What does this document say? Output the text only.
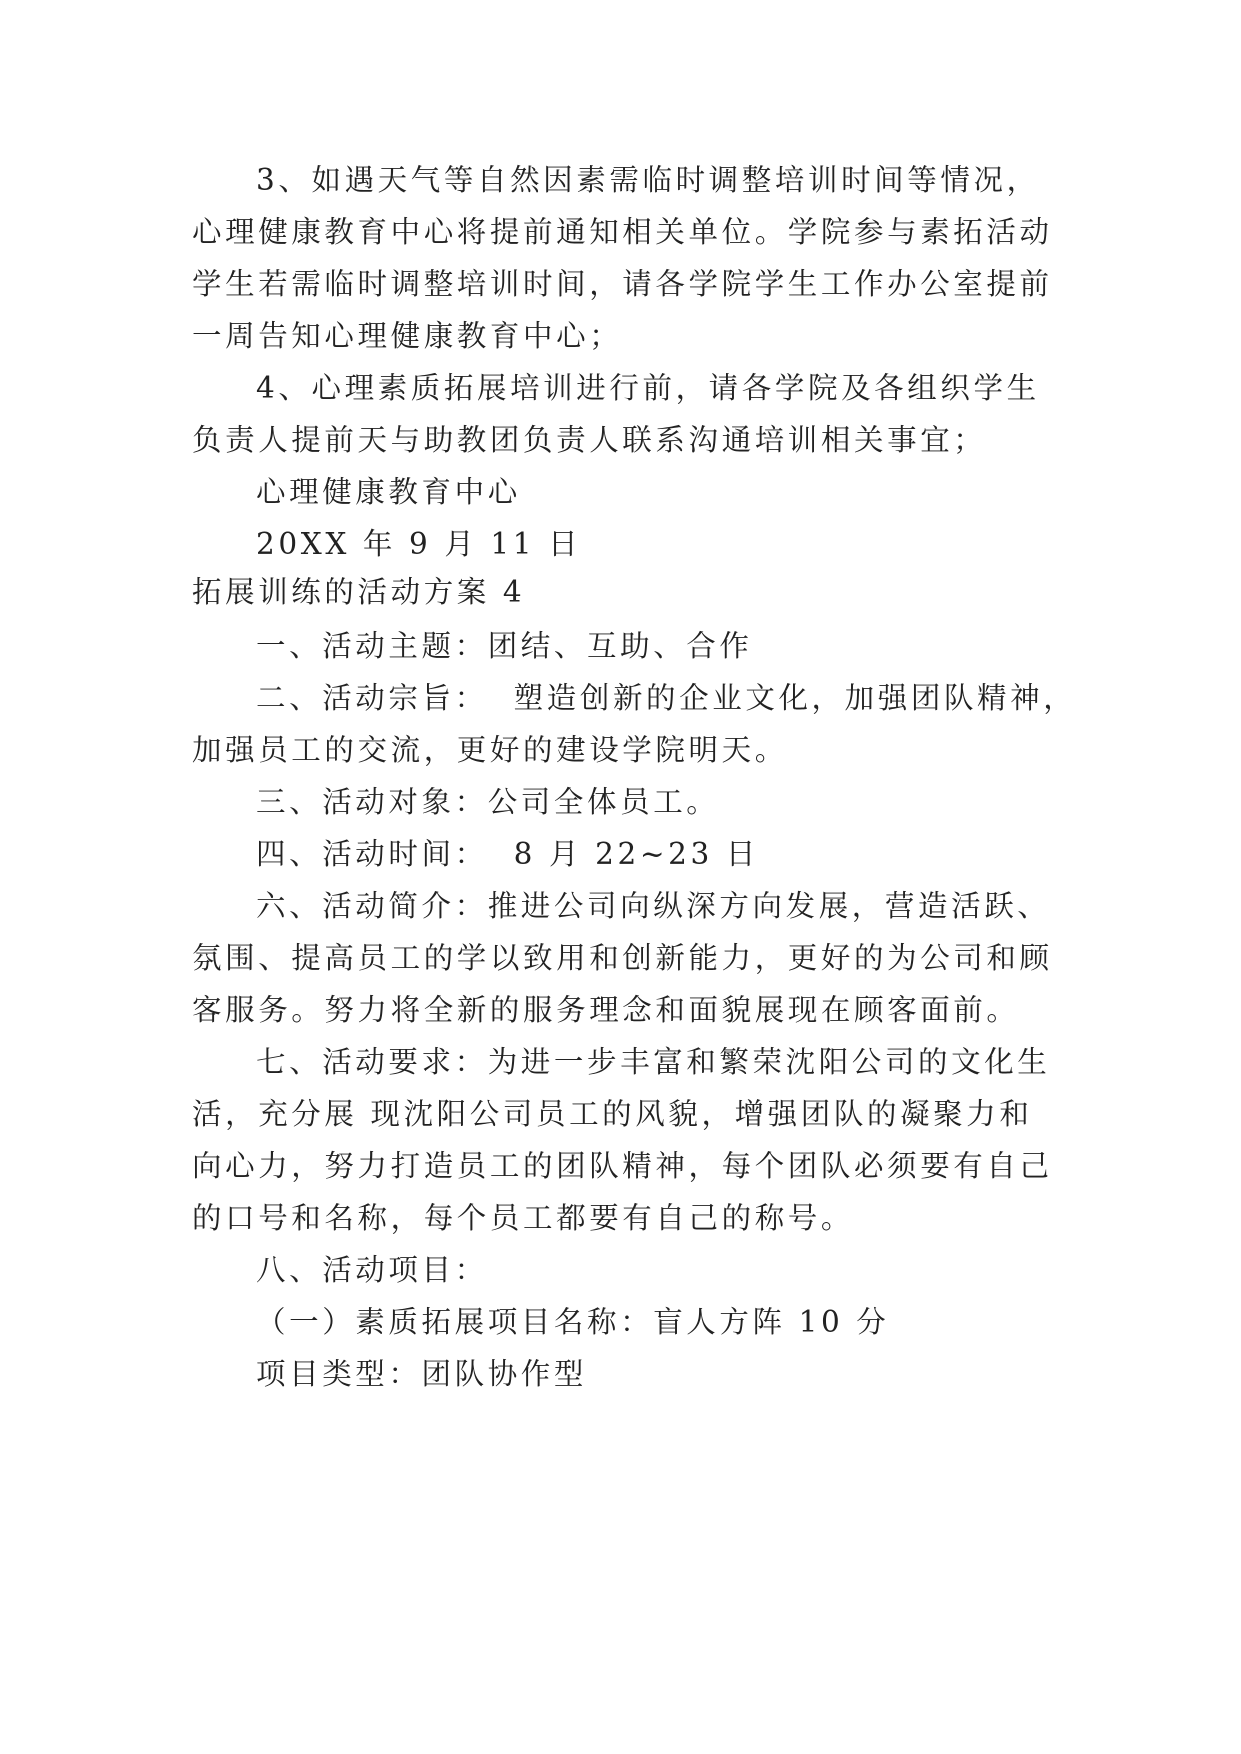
3、如遇天气等自然因素需临时调整培训时间等情况，
心理健康教育中心将提前通知相关单位。学院参与素拓活动
学生若需临时调整培训时间，请各学院学生工作办公室提前
一周告知心理健康教育中心；
4、心理素质拓展培训进行前，请各学院及各组织学生
负责人提前天与助教团负责人联系沟通培训相关事宜；
心理健康教育中心
20XX 年 9 月 11 日
拓展训练的活动方案 4
一、活动主题：团结、互助、合作
二、活动宗旨：  塑造创新的企业文化，加强团队精神，
加强员工的交流，更好的建设学院明天。
三、活动对象：公司全体员工。
四、活动时间：  8 月 22~23 日
六、活动简介：推进公司向纵深方向发展，营造活跃、
氛围、提高员工的学以致用和创新能力，更好的为公司和顾
客服务。努力将全新的服务理念和面貌展现在顾客面前。
七、活动要求：为进一步丰富和繁荣沈阳公司的文化生
活，充分展 现沈阳公司员工的风貌，增强团队的凝聚力和
向心力，努力打造员工的团队精神，每个团队必须要有自己
的口号和名称，每个员工都要有自己的称号。
八、活动项目：
（一）素质拓展项目名称：盲人方阵 10 分
项目类型：团队协作型
